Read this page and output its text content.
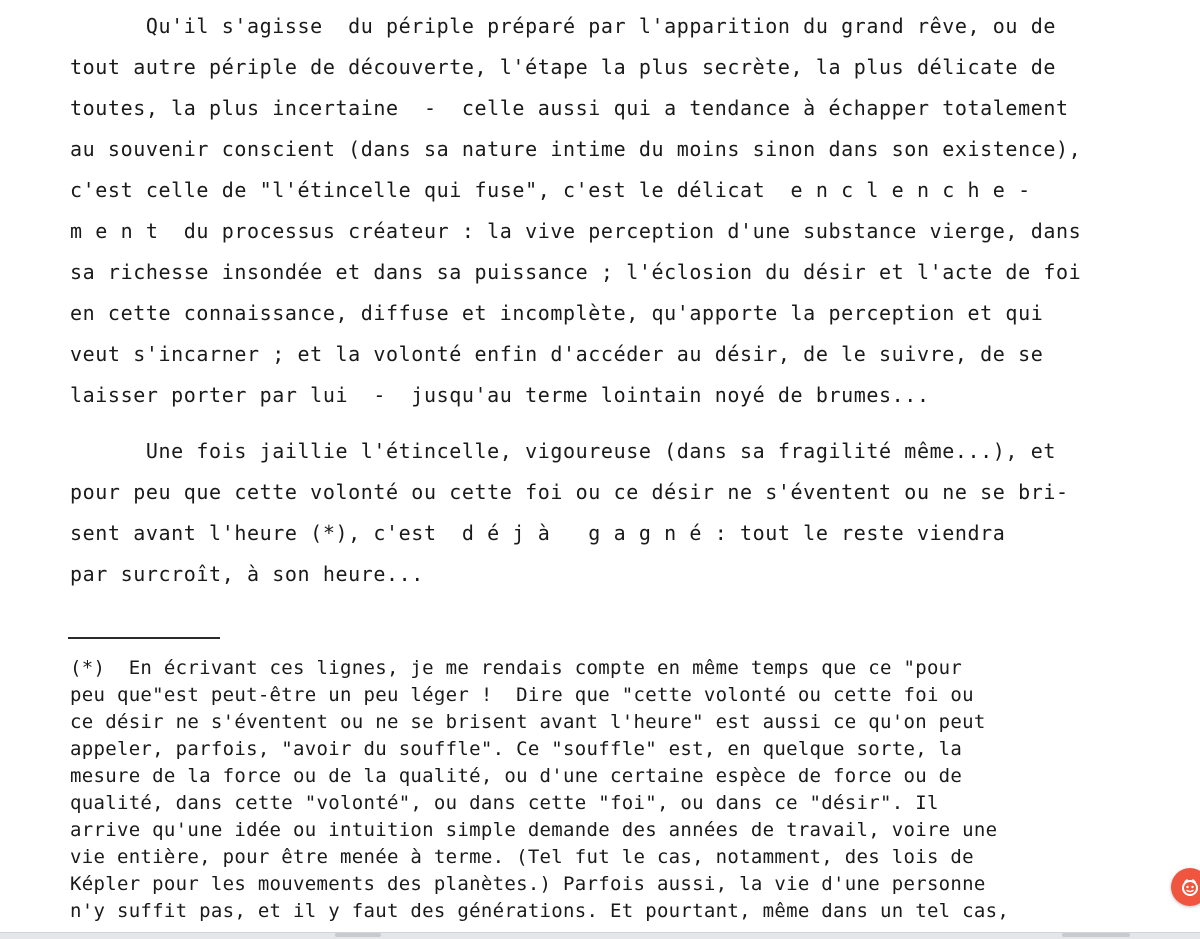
Qu'il s'agisse  du périple préparé par l'apparition du grand rêve, ou de
tout autre périple de découverte, l'étape la plus secrète, la plus délicate de
toutes, la plus incertaine  -  celle aussi qui a tendance à échapper totalement
au souvenir conscient (dans sa nature intime du moins sinon dans son existence),
c'est celle de "l'étincelle qui fuse", c'est le délicat  e n c l e n c h e -
m e n t  du processus créateur : la vive perception d'une substance vierge, dans
sa richesse insondée et dans sa puissance ; l'éclosion du désir et l'acte de foi
en cette connaissance, diffuse et incomplète, qu'apporte la perception et qui
veut s'incarner ; et la volonté enfin d'accéder au désir, de le suivre, de se
laisser porter par lui  -  jusqu'au terme lointain noyé de brumes...
Une fois jaillie l'étincelle, vigoureuse (dans sa fragilité même...), et
pour peu que cette volonté ou cette foi ou ce désir ne s'éventent ou ne se bri-
sent avant l'heure (*), c'est  d é j à   g a g n é : tout le reste viendra
par surcroît, à son heure...
(*)  En écrivant ces lignes, je me rendais compte en même temps que ce "pour
peu que"est peut-être un peu léger !  Dire que "cette volonté ou cette foi ou
ce désir ne s'éventent ou ne se brisent avant l'heure" est aussi ce qu'on peut
appeler, parfois, "avoir du souffle". Ce "souffle" est, en quelque sorte, la
mesure de la force ou de la qualité, ou d'une certaine espèce de force ou de
qualité, dans cette "volonté", ou dans cette "foi", ou dans ce "désir". Il
arrive qu'une idée ou intuition simple demande des années de travail, voire une
vie entière, pour être menée à terme. (Tel fut le cas, notamment, des lois de
Képler pour les mouvements des planètes.) Parfois aussi, la vie d'une personne
n'y suffit pas, et il y faut des générations. Et pourtant, même dans un tel cas,
